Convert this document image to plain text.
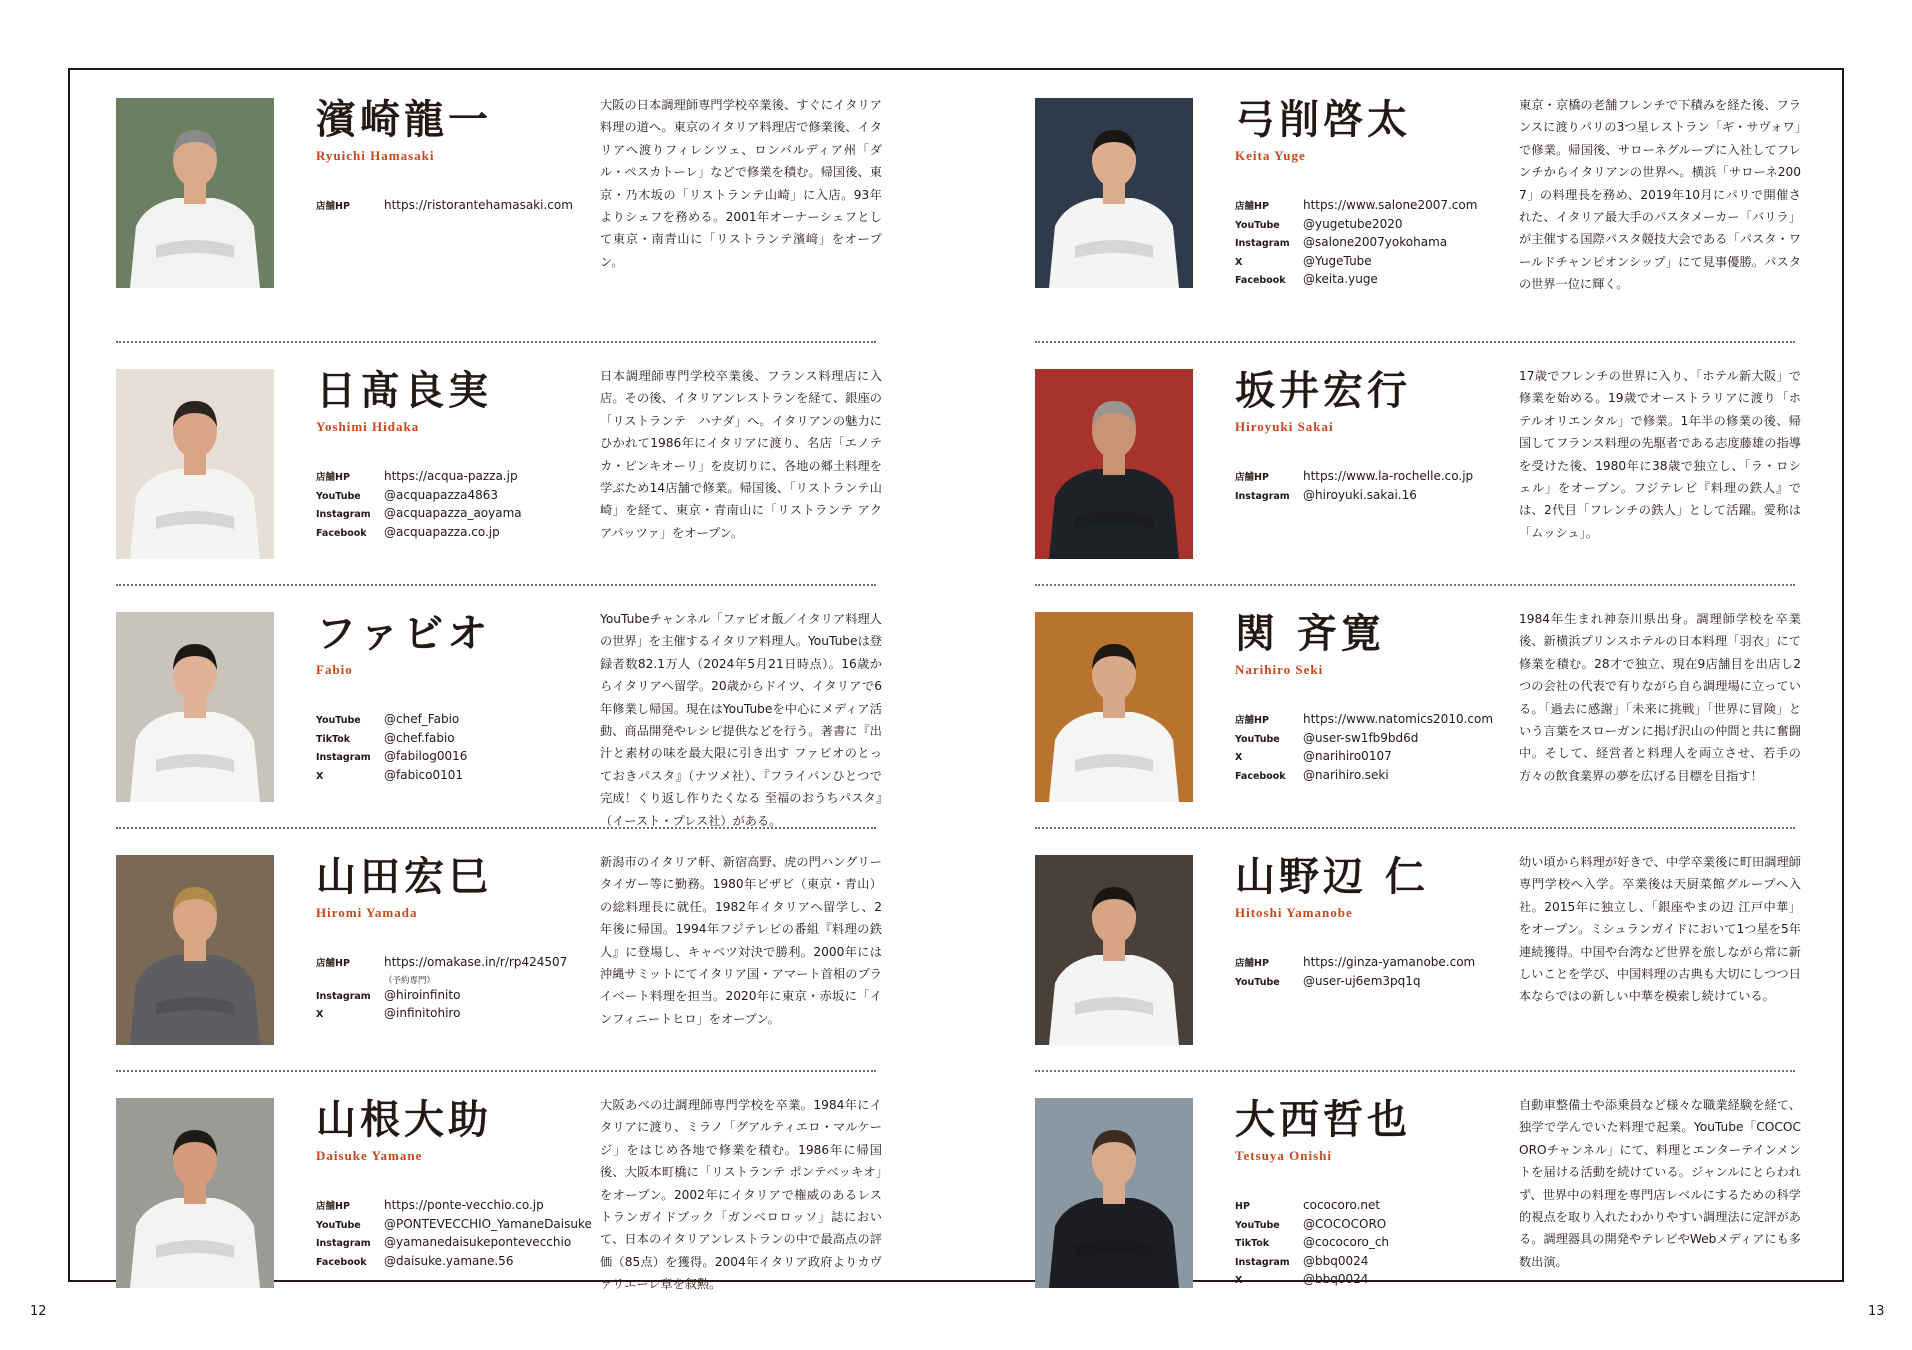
濱崎龍一
Ryuichi Hamasaki
店舗HP	https://ristorantehamasaki.com
大阪の日本調理師専門学校卒業後、すぐにイタリア料理の道へ。東京のイタリア料理店で修業後、イタリアへ渡りフィレンツェ、ロンバルディア州「ダル・ペスカトーレ」などで修業を積む。帰国後、東京・乃木坂の「リストランテ山崎」に入店。93年よりシェフを務める。2001年オーナーシェフとして東京・南青山に「リストランテ濱﨑」をオープン。
日髙良実
Yoshimi Hidaka
店舗HP	https://acqua-pazza.jp
YouTube	@acquapazza4863
Instagram	@acquapazza_aoyama
Facebook	@acquapazza.co.jp
日本調理師専門学校卒業後、フランス料理店に入店。その後、イタリアンレストランを経て、銀座の「リストランテ　ハナダ」へ。イタリアンの魅力にひかれて1986年にイタリアに渡り、名店「エノテカ・ピンキオーリ」を皮切りに、各地の郷土料理を学ぶため14店舗で修業。帰国後、「リストランテ山崎」を経て、東京・青南山に「リストランテ アクアパッツァ」をオープン。
ファビオ
Fabio
YouTube	@chef_Fabio
TikTok	@chef.fabio
Instagram	@fabilog0016
X	@fabico0101
YouTubeチャンネル「ファビオ飯／イタリア料理人の世界」を主催するイタリア料理人。YouTubeは登録者数82.1万人（2024年5月21日時点）。16歳からイタリアへ留学。20歳からドイツ、イタリアで6年修業し帰国。現在はYouTubeを中心にメディア活動、商品開発やレシピ提供などを行う。著書に『出汁と素材の味を最大限に引き出す ファビオのとっておきパスタ』（ナツメ社）、『フライパンひとつで完成！くり返し作りたくなる 至福のおうちパスタ』（イースト・プレス社）がある。
山田宏巳
Hiromi Yamada
店舗HP	https://omakase.in/r/rp424507
（予約専門）
Instagram	@hiroinfinito
X	@infinitohiro
新潟市のイタリア軒、新宿高野、虎の門ハングリータイガー等に勤務。1980年ビザビ（東京・青山）の総料理長に就任。1982年イタリアへ留学し、2年後に帰国。1994年フジテレビの番組『料理の鉄人』に登場し、キャベツ対決で勝利。2000年には沖縄サミットにてイタリア国・アマート首相のプライベート料理を担当。2020年に東京・赤坂に「インフィニートヒロ」をオープン。
山根大助
Daisuke Yamane
店舗HP	https://ponte-vecchio.co.jp
YouTube	@PONTEVECCHIO_YamaneDaisuke
Instagram	@yamanedaisukepontevecchio
Facebook	@daisuke.yamane.56
大阪あべの辻調理師専門学校を卒業。1984年にイタリアに渡り、ミラノ「グアルティエロ・マルケージ」をはじめ各地で修業を積む。1986年に帰国後、大阪本町橋に「リストランテ ポンテベッキオ」をオープン。2002年にイタリアで権威のあるレストランガイドブック「ガンベロロッソ」誌において、日本のイタリアンレストランの中で最高点の評価（85点）を獲得。2004年イタリア政府よりカヴァリエーレ章を叙勲。
弓削啓太
Keita Yuge
店舗HP	https://www.salone2007.com
YouTube	@yugetube2020
Instagram	@salone2007yokohama
X	@YugeTube
Facebook	@keita.yuge
東京・京橋の老舗フレンチで下積みを経た後、フランスに渡りパリの3つ星レストラン「ギ・サヴォワ」で修業。帰国後、サローネグループに入社してフレンチからイタリアンの世界へ。横浜「サローネ2007」の料理長を務め、2019年10月にパリで開催された、イタリア最大手のパスタメーカー「バリラ」が主催する国際パスタ競技大会である「パスタ・ワールドチャンピオンシップ」にて見事優勝。パスタの世界一位に輝く。
坂井宏行
Hiroyuki Sakai
店舗HP	https://www.la-rochelle.co.jp
Instagram	@hiroyuki.sakai.16
17歳でフレンチの世界に入り、「ホテル新大阪」で修業を始める。19歳でオーストラリアに渡り「ホテルオリエンタル」で修業。1年半の修業の後、帰国してフランス料理の先駆者である志度藤雄の指導を受けた後、1980年に38歳で独立し、「ラ・ロシェル」をオープン。フジテレビ『料理の鉄人』では、2代目「フレンチの鉄人」として活躍。愛称は「ムッシュ」。
関 斉寛
Narihiro Seki
店舗HP	https://www.natomics2010.com
YouTube	@user-sw1fb9bd6d
X	@narihiro0107
Facebook	@narihiro.seki
1984年生まれ神奈川県出身。調理師学校を卒業後、新横浜プリンスホテルの日本料理「羽衣」にて修業を積む。28才で独立、現在9店舗目を出店し2つの会社の代表で有りながら自ら調理場に立っている。「過去に感謝」「未来に挑戦」「世界に冒険」という言葉をスローガンに掲げ沢山の仲間と共に奮闘中。そして、経営者と料理人を両立させ、若手の方々の飲食業界の夢を広げる目標を目指す！
山野辺 仁
Hitoshi Yamanobe
店舗HP	https://ginza-yamanobe.com
YouTube	@user-uj6em3pq1q
幼い頃から料理が好きで、中学卒業後に町田調理師専門学校へ入学。卒業後は天厨菜館グループへ入社。2015年に独立し、「銀座やまの辺 江戸中華」をオープン。ミシュランガイドにおいて1つ星を5年連続獲得。中国や台湾など世界を旅しながら常に新しいことを学び、中国料理の古典も大切にしつつ日本ならではの新しい中華を模索し続けている。
大西哲也
Tetsuya Onishi
HP	cococoro.net
YouTube	@COCOCORO
TikTok	@cococoro_ch
Instagram	@bbq0024
X	@bbq0024
自動車整備士や添乗員など様々な職業経験を経て、独学で学んでいた料理で起業。YouTube「COCOCOROチャンネル」にて、料理とエンターテインメントを届ける活動を続けている。ジャンルにとらわれず、世界中の料理を専門店レベルにするための科学的視点を取り入れたわかりやすい調理法に定評がある。調理器具の開発やテレビやWebメディアにも多数出演。
12	13
